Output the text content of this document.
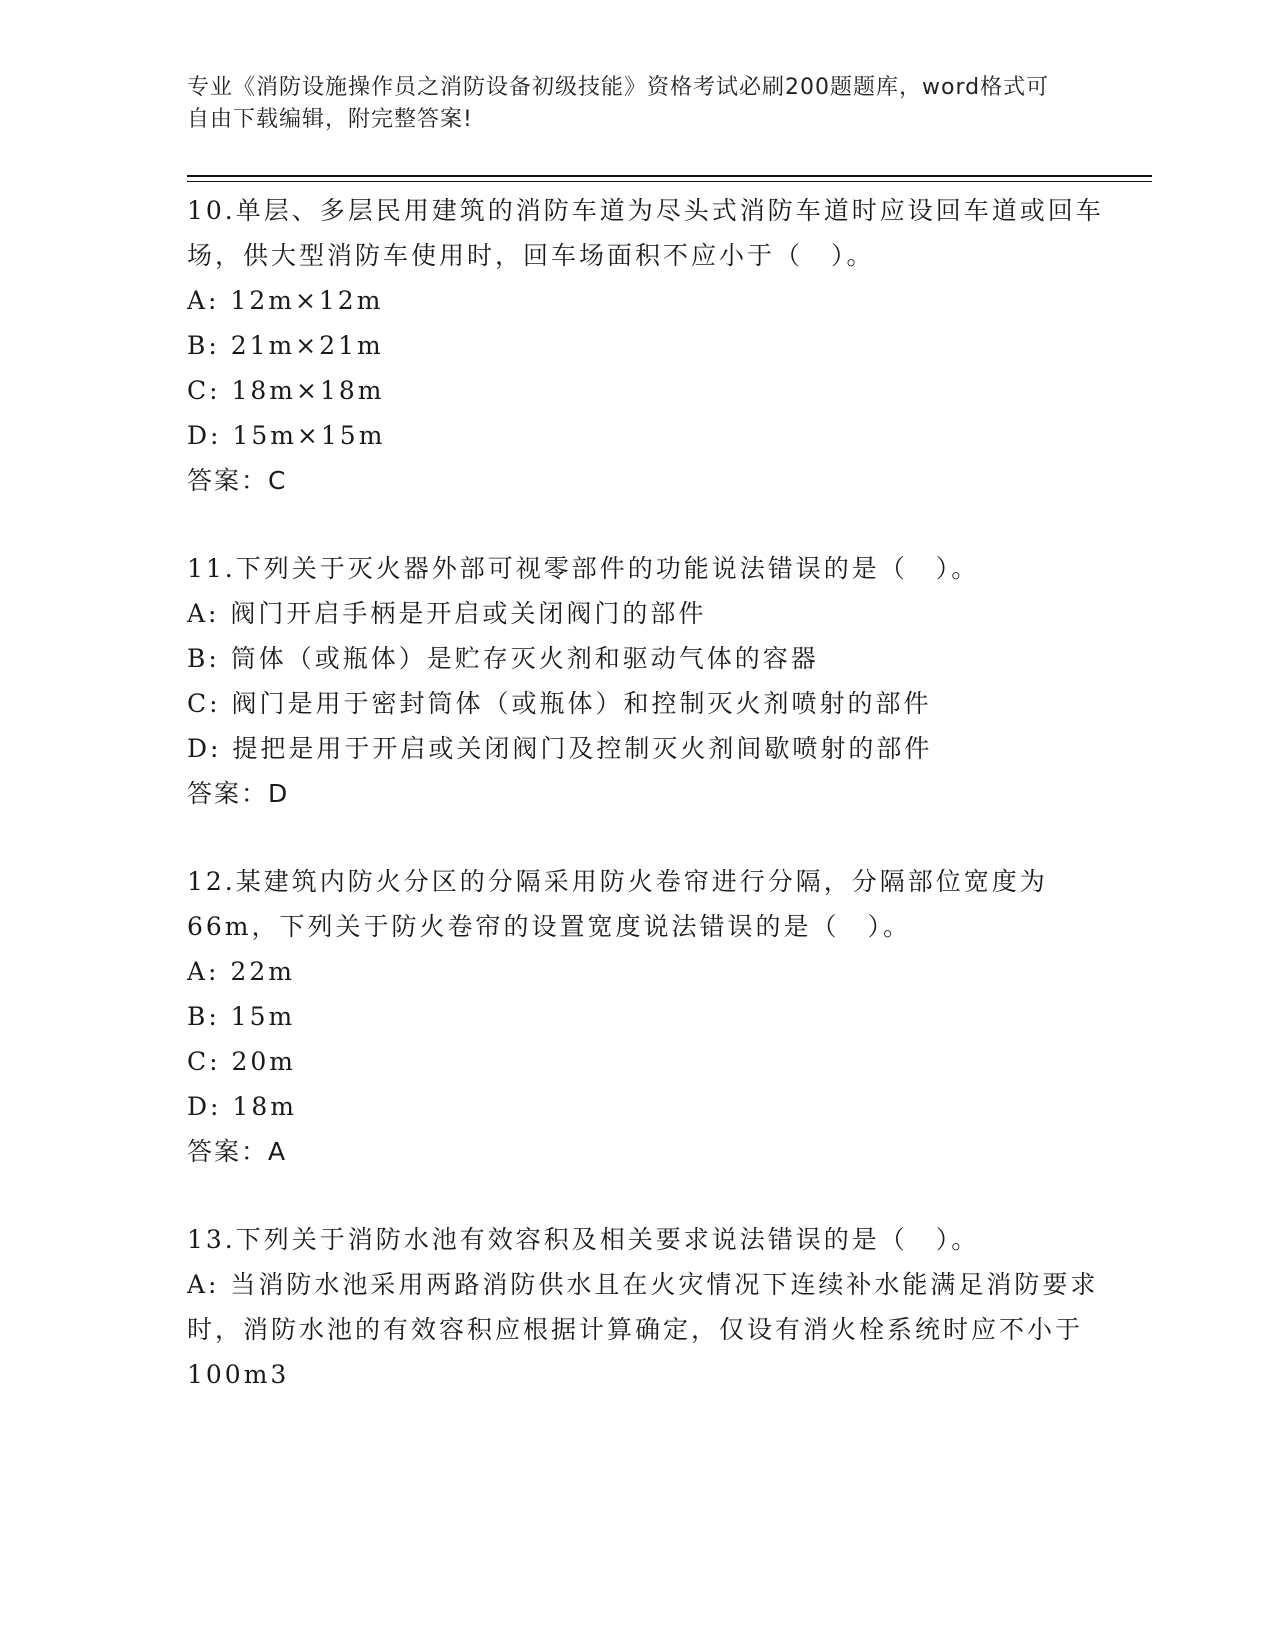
专业《消防设施操作员之消防设备初级技能》资格考试必刷200题题库，word格式可自由下载编辑，附完整答案!

10.单层、多层民用建筑的消防车道为尽头式消防车道时应设回车道或回车场，供大型消防车使用时，回车场面积不应小于（　）。

A: 12m×12m
B: 21m×21m
C: 18m×18m
D: 15m×15m
答案：C

11.下列关于灭火器外部可视零部件的功能说法错误的是（　）。

A: 阀门开启手柄是开启或关闭阀门的部件
B: 筒体（或瓶体）是贮存灭火剂和驱动气体的容器
C: 阀门是用于密封筒体（或瓶体）和控制灭火剂喷射的部件
D: 提把是用于开启或关闭阀门及控制灭火剂间歇喷射的部件
答案：D

12.某建筑内防火分区的分隔采用防火卷帘进行分隔，分隔部位宽度为66m，下列关于防火卷帘的设置宽度说法错误的是（　）。

A: 22m
B: 15m
C: 20m
D: 18m
答案：A

13.下列关于消防水池有效容积及相关要求说法错误的是（　）。

A: 当消防水池采用两路消防供水且在火灾情况下连续补水能满足消防要求时，消防水池的有效容积应根据计算确定，仅设有消火栓系统时应不小于100m3
